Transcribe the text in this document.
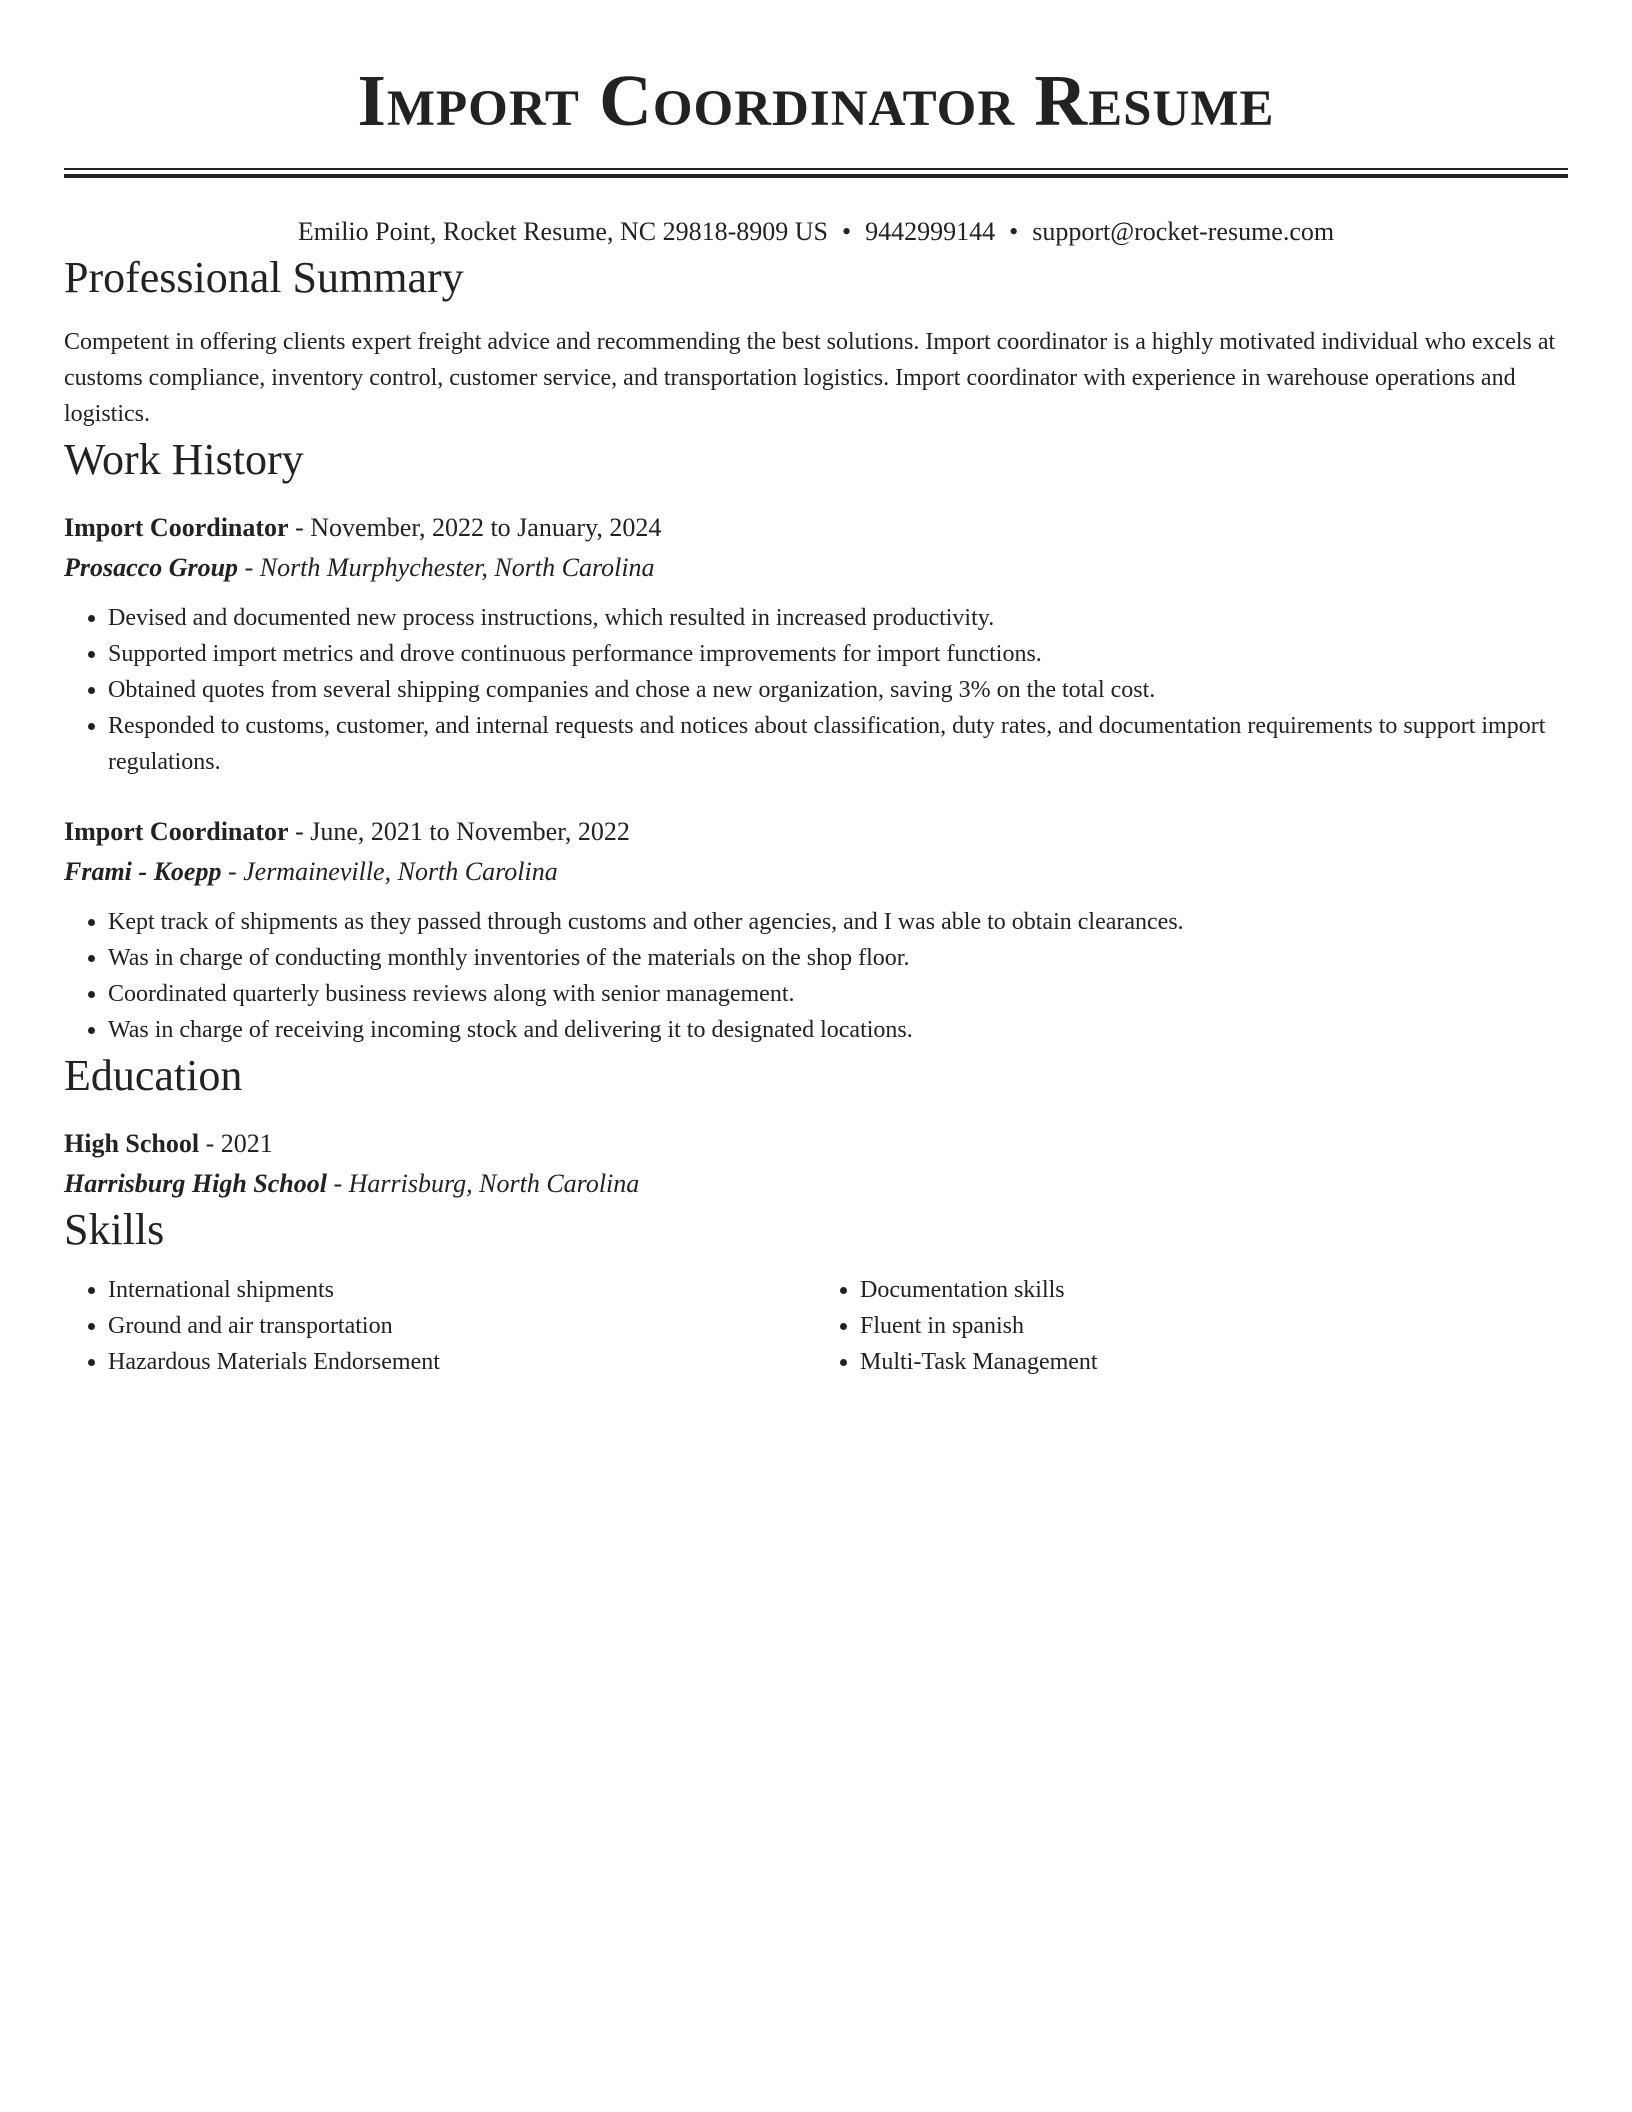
Import Coordinator Resume
Emilio Point, Rocket Resume, NC 29818-8909 US • 9442999144 • support@rocket-resume.com
Professional Summary

Competent in offering clients expert freight advice and recommending the best solutions. Import coordinator is a highly motivated individual who excels at customs compliance, inventory control, customer service, and transportation logistics. Import coordinator with experience in warehouse operations and logistics.

Work History
Import Coordinator - November, 2022 to January, 2024
Prosacco Group - North Murphychester, North Carolina
• Devised and documented new process instructions, which resulted in increased productivity.
• Supported import metrics and drove continuous performance improvements for import functions.
• Obtained quotes from several shipping companies and chose a new organization, saving 3% on the total cost.
• Responded to customs, customer, and internal requests and notices about classification, duty rates, and documentation requirements to support import regulations.
Import Coordinator - June, 2021 to November, 2022
Frami - Koepp - Jermaineville, North Carolina
• Kept track of shipments as they passed through customs and other agencies, and I was able to obtain clearances.
• Was in charge of conducting monthly inventories of the materials on the shop floor.
• Coordinated quarterly business reviews along with senior management.
• Was in charge of receiving incoming stock and delivering it to designated locations.
Education
High School - 2021
Harrisburg High School - Harrisburg, North Carolina
Skills
• International shipments
• Ground and air transportation
• Hazardous Materials Endorsement
• Documentation skills
• Fluent in spanish
• Multi-Task Management
